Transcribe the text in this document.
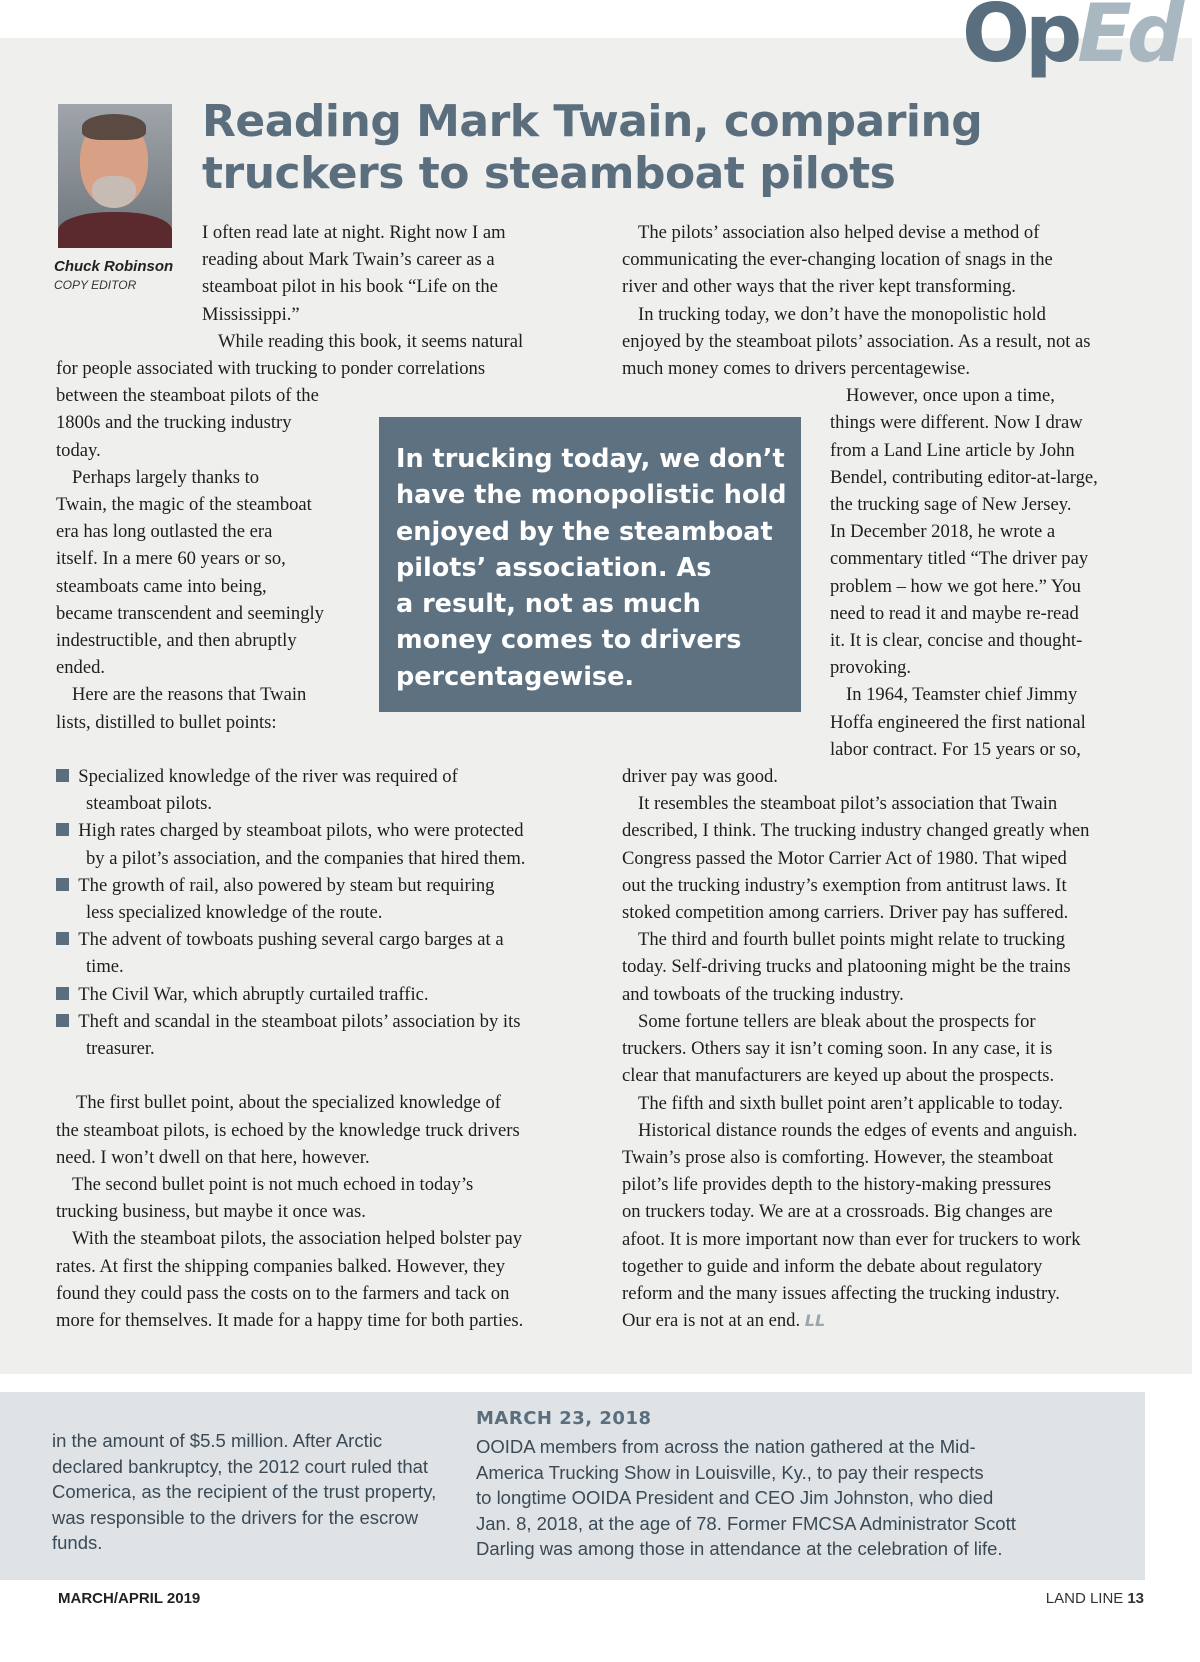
OpEd
Chuck Robinson
COPY EDITOR
Reading Mark Twain, comparing
truckers to steamboat pilots
I often read late at night. Right now I am
reading about Mark Twain’s career as a
steamboat pilot in his book “Life on the
Mississippi.”
While reading this book, it seems natural
for people associated with trucking to ponder correlations
between the steamboat pilots of the
1800s and the trucking industry
today.
Perhaps largely thanks to
Twain, the magic of the steamboat
era has long outlasted the era
itself. In a mere 60 years or so,
steamboats came into being,
became transcendent and seemingly
indestructible, and then abruptly
ended.
Here are the reasons that Twain
lists, distilled to bullet points:
Specialized knowledge of the river was required of
steamboat pilots.
High rates charged by steamboat pilots, who were protected
by a pilot’s association, and the companies that hired them.
The growth of rail, also powered by steam but requiring
less specialized knowledge of the route.
The advent of towboats pushing several cargo barges at a
time.
The Civil War, which abruptly curtailed traffic.
Theft and scandal in the steamboat pilots’ association by its
treasurer.
The first bullet point, about the specialized knowledge of
the steamboat pilots, is echoed by the knowledge truck drivers
need. I won’t dwell on that here, however.
The second bullet point is not much echoed in today’s
trucking business, but maybe it once was.
With the steamboat pilots, the association helped bolster pay
rates. At first the shipping companies balked. However, they
found they could pass the costs on to the farmers and tack on
more for themselves. It made for a happy time for both parties.

In trucking today, we don’t
have the monopolistic hold
enjoyed by the steamboat
pilots’ association. As
a result, not as much
money comes to drivers
percentagewise.

The pilots’ association also helped devise a method of
communicating the ever-changing location of snags in the
river and other ways that the river kept transforming.
In trucking today, we don’t have the monopolistic hold
enjoyed by the steamboat pilots’ association. As a result, not as
much money comes to drivers percentagewise.
However, once upon a time,
things were different. Now I draw
from a Land Line article by John
Bendel, contributing editor-at-large,
the trucking sage of New Jersey.
In December 2018, he wrote a
commentary titled “The driver pay
problem – how we got here.” You
need to read it and maybe re-read
it. It is clear, concise and thought-
provoking.
In 1964, Teamster chief Jimmy
Hoffa engineered the first national
labor contract. For 15 years or so,
driver pay was good.
It resembles the steamboat pilot’s association that Twain
described, I think. The trucking industry changed greatly when
Congress passed the Motor Carrier Act of 1980. That wiped
out the trucking industry’s exemption from antitrust laws. It
stoked competition among carriers. Driver pay has suffered.
The third and fourth bullet points might relate to trucking
today. Self-driving trucks and platooning might be the trains
and towboats of the trucking industry.
Some fortune tellers are bleak about the prospects for
truckers. Others say it isn’t coming soon. In any case, it is
clear that manufacturers are keyed up about the prospects.
The fifth and sixth bullet point aren’t applicable to today.
Historical distance rounds the edges of events and anguish.
Twain’s prose also is comforting. However, the steamboat
pilot’s life provides depth to the history-making pressures
on truckers today. We are at a crossroads. Big changes are
afoot. It is more important now than ever for truckers to work
together to guide and inform the debate about regulatory
reform and the many issues affecting the trucking industry.
Our era is not at an end. LL
in the amount of $5.5 million. After Arctic
declared bankruptcy, the 2012 court ruled that
Comerica, as the recipient of the trust property,
was responsible to the drivers for the escrow
funds.
MARCH 23, 2018
OOIDA members from across the nation gathered at the Mid-
America Trucking Show in Louisville, Ky., to pay their respects
to longtime OOIDA President and CEO Jim Johnston, who died
Jan. 8, 2018, at the age of 78. Former FMCSA Administrator Scott
Darling was among those in attendance at the celebration of life.
MARCH/APRIL 2019	LAND LINE 13
